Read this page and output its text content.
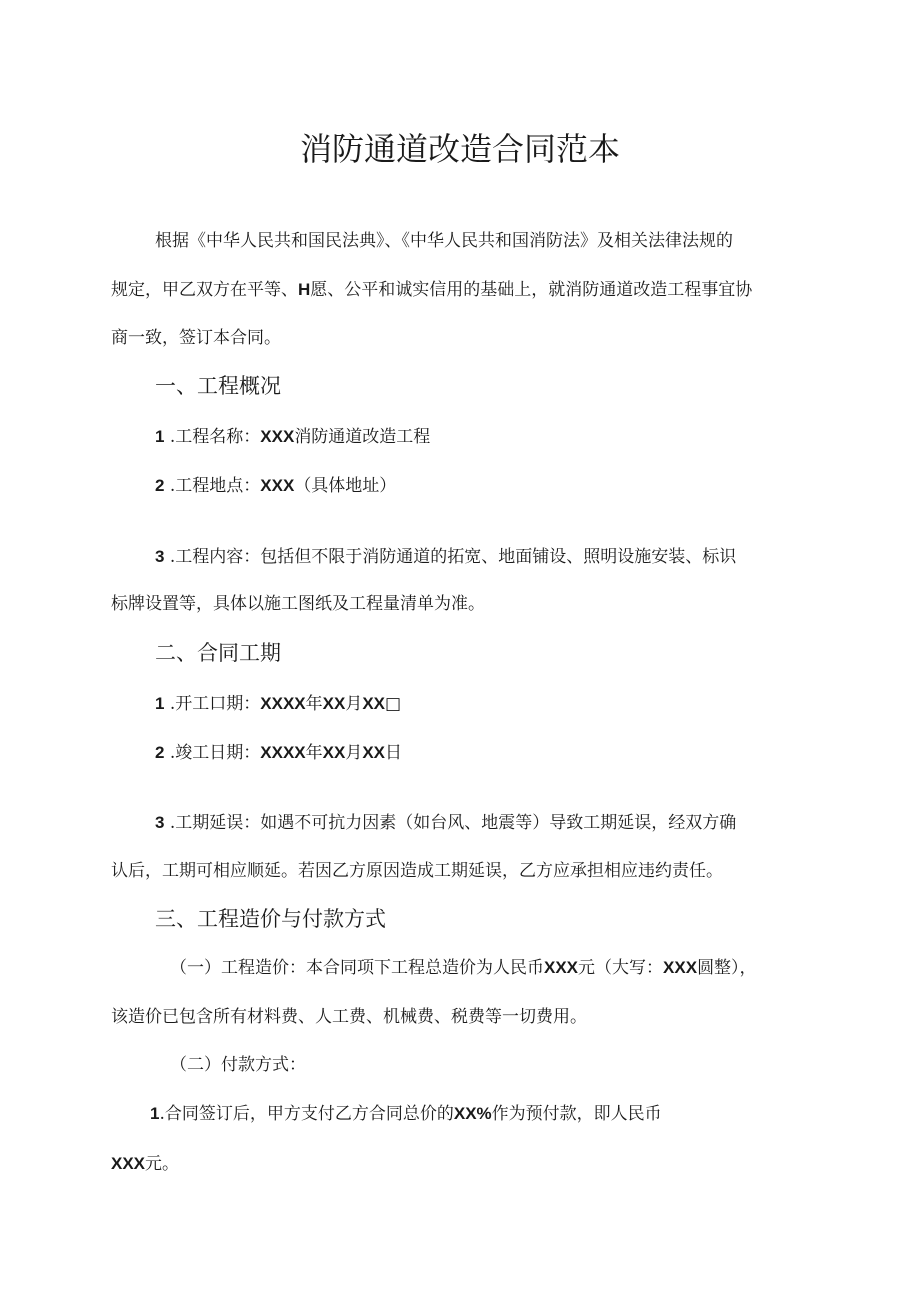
消防通道改造合同范本
根据《中华人民共和国民法典》、《中华人民共和国消防法》及相关法律法规的
规定，甲乙双方在平等、H愿、公平和诚实信用的基础上，就消防通道改造工程事宜协
商一致，签订本合同。
一、工程概况
1 .工程名称：XXX消防通道改造工程
2 .工程地点：XXX（具体地址）
3 .工程内容：包括但不限于消防通道的拓宽、地面铺设、照明设施安装、标识
标牌设置等，具体以施工图纸及工程量清单为准。
二、合同工期
1 .开工口期：XXXX年XX月XX□
2 .竣工日期：XXXX年XX月XX日
3 .工期延误：如遇不可抗力因素（如台风、地震等）导致工期延误，经双方确
认后，工期可相应顺延。若因乙方原因造成工期延误，乙方应承担相应违约责任。
三、工程造价与付款方式
（一）工程造价：本合同项下工程总造价为人民币XXX元（大写：XXX圆整），
该造价已包含所有材料费、人工费、机械费、税费等一切费用。
（二）付款方式：
1.合同签订后，甲方支付乙方合同总价的XX%作为预付款，即人民币
XXX元。
